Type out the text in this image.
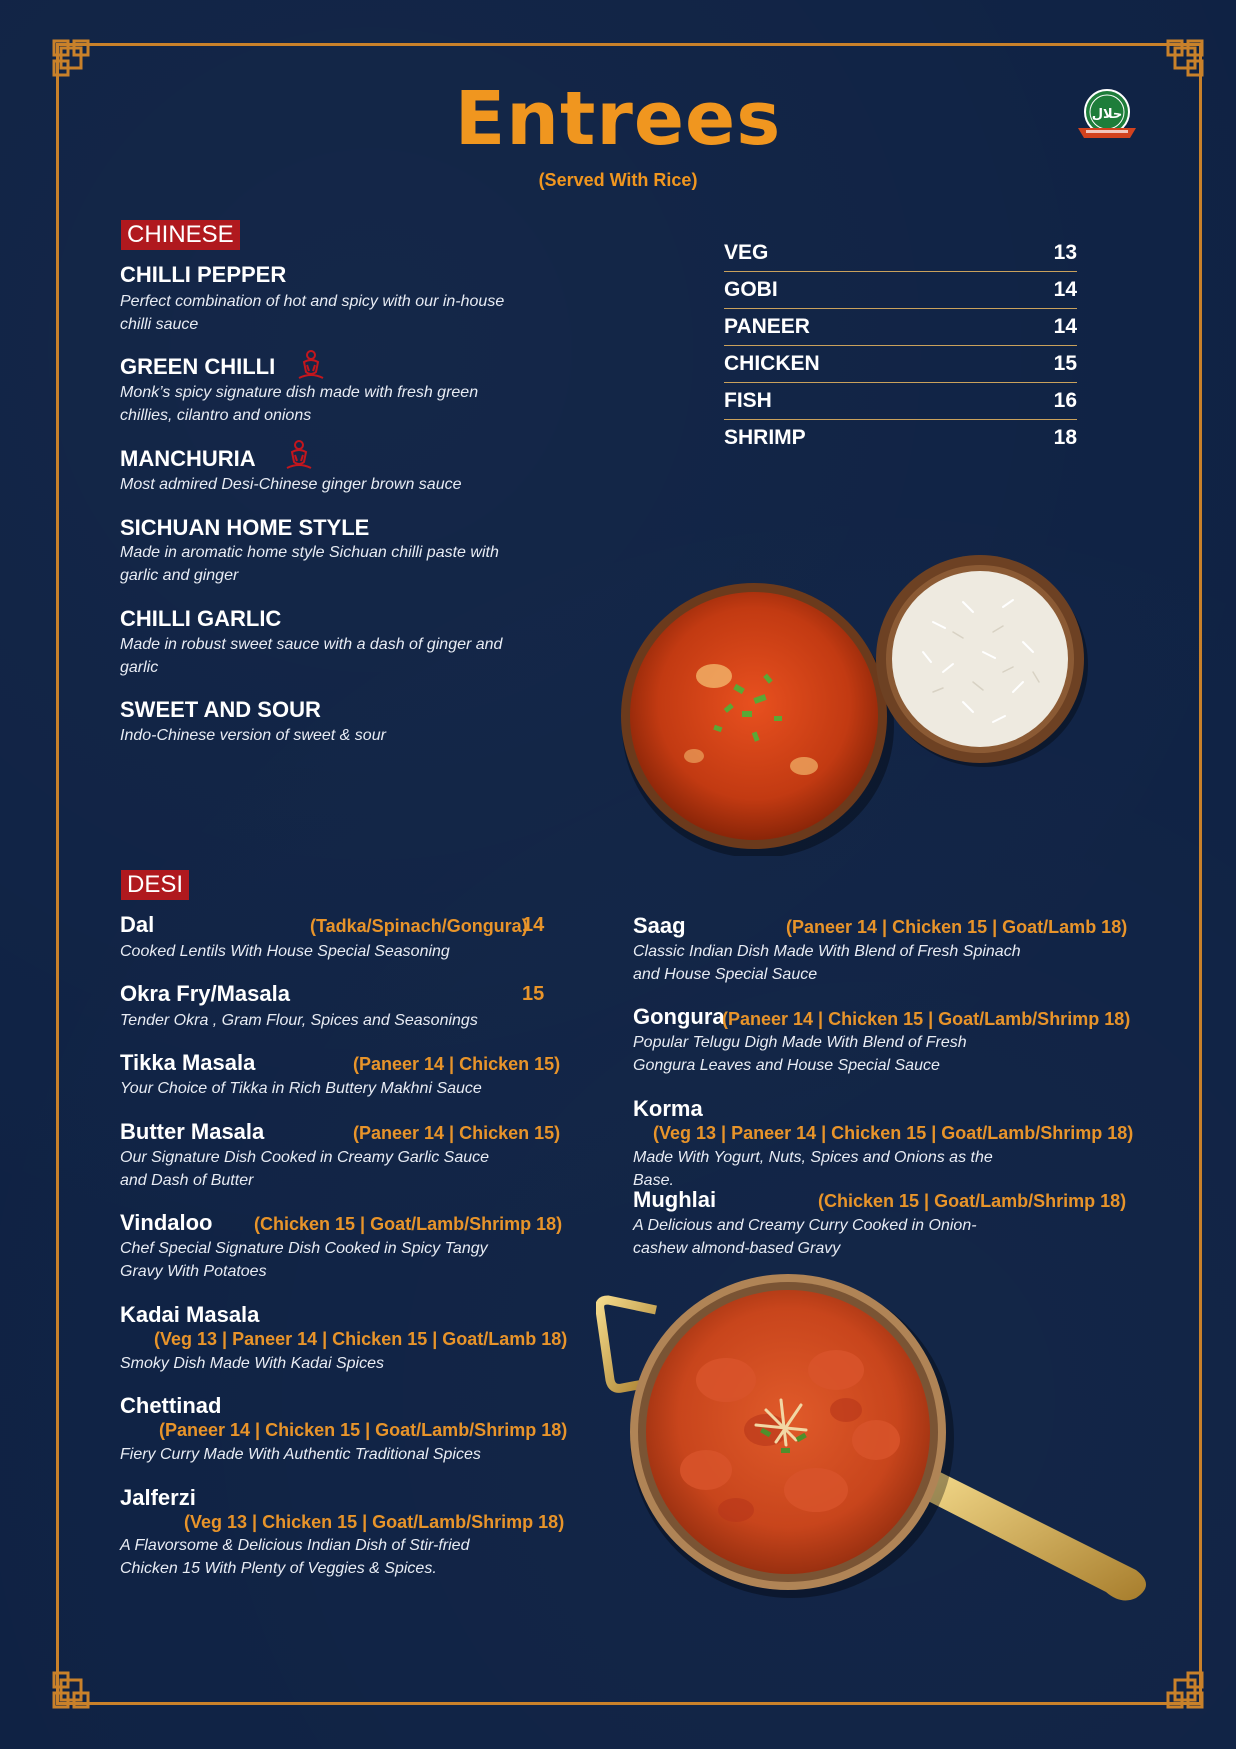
Entrees
(Served With Rice)
حلال
CHINESE
CHILLI PEPPER
Perfect combination of hot and spicy with our in-house chilli sauce
GREEN CHILLI
Monk’s spicy signature dish made with fresh green chillies, cilantro and onions
MANCHURIA
Most admired Desi-Chinese ginger brown sauce
SICHUAN HOME STYLE
Made in aromatic home style Sichuan chilli paste with garlic and ginger
CHILLI GARLIC
Made in robust sweet sauce with a dash of ginger and garlic
SWEET AND SOUR
Indo-Chinese version of sweet & sour
VEG	13
GOBI	14
PANEER	14
CHICKEN	15
FISH	16
SHRIMP	18
DESI
Dal	(Tadka/Spinach/Gongura)
14
Cooked Lentils With House Special Seasoning
Okra Fry/Masala	15
Tender Okra , Gram Flour, Spices and Seasonings
Tikka Masala	(Paneer 14 | Chicken 15)
Your Choice of Tikka in Rich Buttery Makhni Sauce
Butter Masala	(Paneer 14 | Chicken 15)
Our Signature Dish Cooked in Creamy Garlic Sauce and Dash of Butter
Vindaloo (Chicken 15 | Goat/Lamb/Shrimp 18)
Chef Special Signature Dish Cooked in Spicy Tangy Gravy With Potatoes
Kadai Masala
(Veg 13 | Paneer 14 | Chicken 15 | Goat/Lamb 18)
Smoky Dish Made With Kadai Spices
Chettinad
(Paneer 14 | Chicken 15 | Goat/Lamb/Shrimp 18)
Fiery Curry Made With Authentic Traditional Spices
Jalferzi
(Veg 13 | Chicken 15 | Goat/Lamb/Shrimp 18)
A Flavorsome & Delicious Indian Dish of Stir-fried Chicken 15 With Plenty of Veggies & Spices.
Saag	(Paneer 14 | Chicken 15 | Goat/Lamb 18)
Classic Indian Dish Made With Blend of Fresh Spinach and House Special Sauce
Gongura
(Paneer 14 | Chicken 15 | Goat/Lamb/Shrimp 18)
Popular Telugu Digh Made With Blend of Fresh Gongura Leaves and House Special Sauce
Korma
(Veg 13 | Paneer 14 | Chicken 15 | Goat/Lamb/Shrimp 18)
Made With Yogurt, Nuts, Spices and Onions as the Base.
Mughlai	(Chicken 15 | Goat/Lamb/Shrimp 18)
A Delicious and Creamy Curry Cooked in Onion-cashew almond-based Gravy
